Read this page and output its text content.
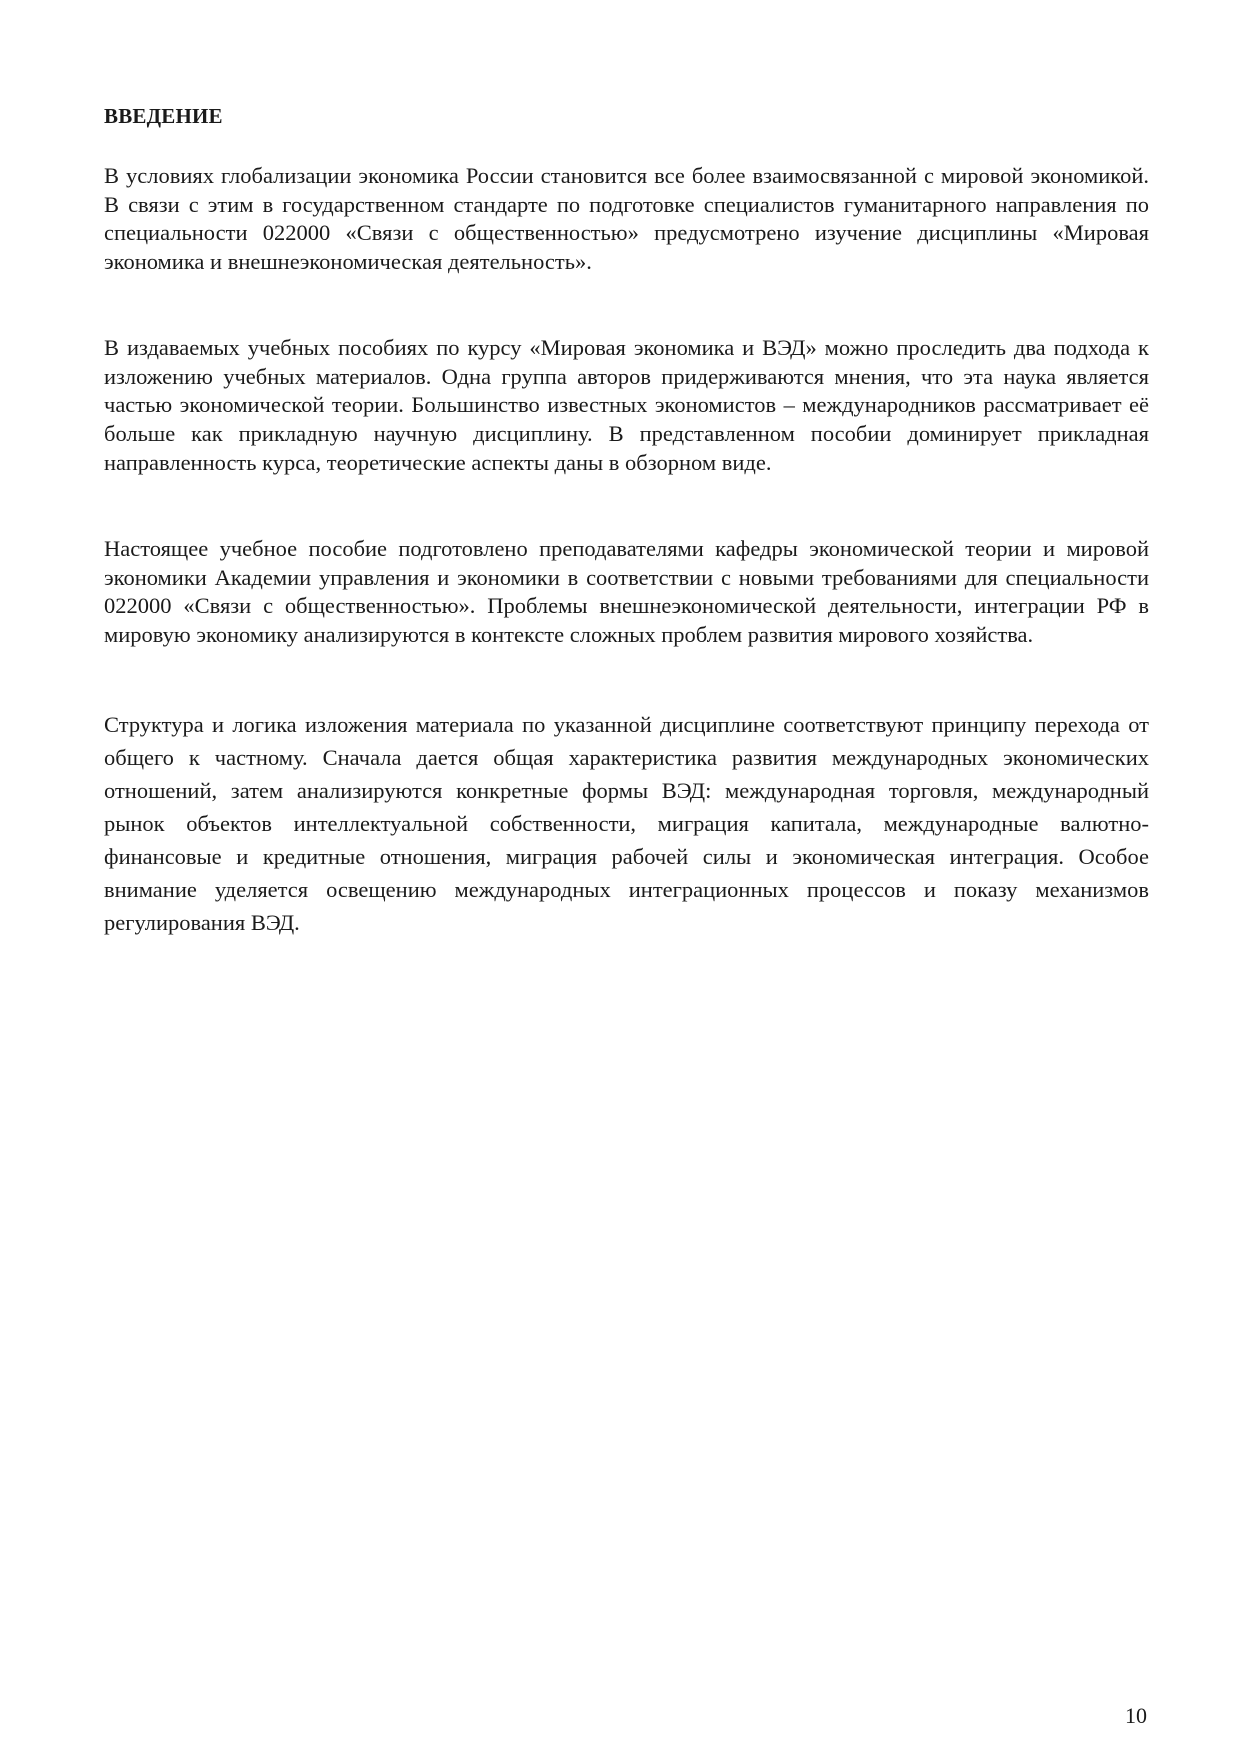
ВВЕДЕНИЕ

В условиях глобализации экономика России становится все более взаимосвязанной с мировой экономикой. В связи с этим в государственном стандарте по подготовке специалистов гуманитарного направления по специальности 022000 «Связи с общественностью» предусмотрено изучение дисциплины «Мировая экономика и внешнеэкономическая деятельность».

В издаваемых учебных пособиях по курсу «Мировая экономика и ВЭД» можно проследить два подхода к изложению учебных материалов. Одна группа авторов придерживаются мнения, что эта наука является частью экономической теории. Большинство известных экономистов – международников рассматривает её больше как прикладную научную дисциплину. В представленном пособии доминирует прикладная направленность курса, теоретические аспекты даны в обзорном виде.

Настоящее учебное пособие подготовлено преподавателями кафедры экономической теории и мировой экономики Академии управления и экономики в соответствии с новыми требованиями для специальности 022000 «Связи с общественностью». Проблемы внешнеэкономической деятельности, интеграции РФ в мировую экономику анализируются в контексте сложных проблем развития мирового хозяйства.

Структура и логика изложения материала по указанной дисциплине соответствуют принципу перехода от общего к частному. Сначала дается общая характеристика развития международных экономических отношений, затем анализируются конкретные формы ВЭД: международная торговля, международный рынок объектов интеллектуальной собственности, миграция капитала, международные валютно-финансовые и кредитные отношения, миграция рабочей силы и экономическая интеграция. Особое внимание уделяется освещению международных интеграционных процессов и показу механизмов регулирования ВЭД.

10
